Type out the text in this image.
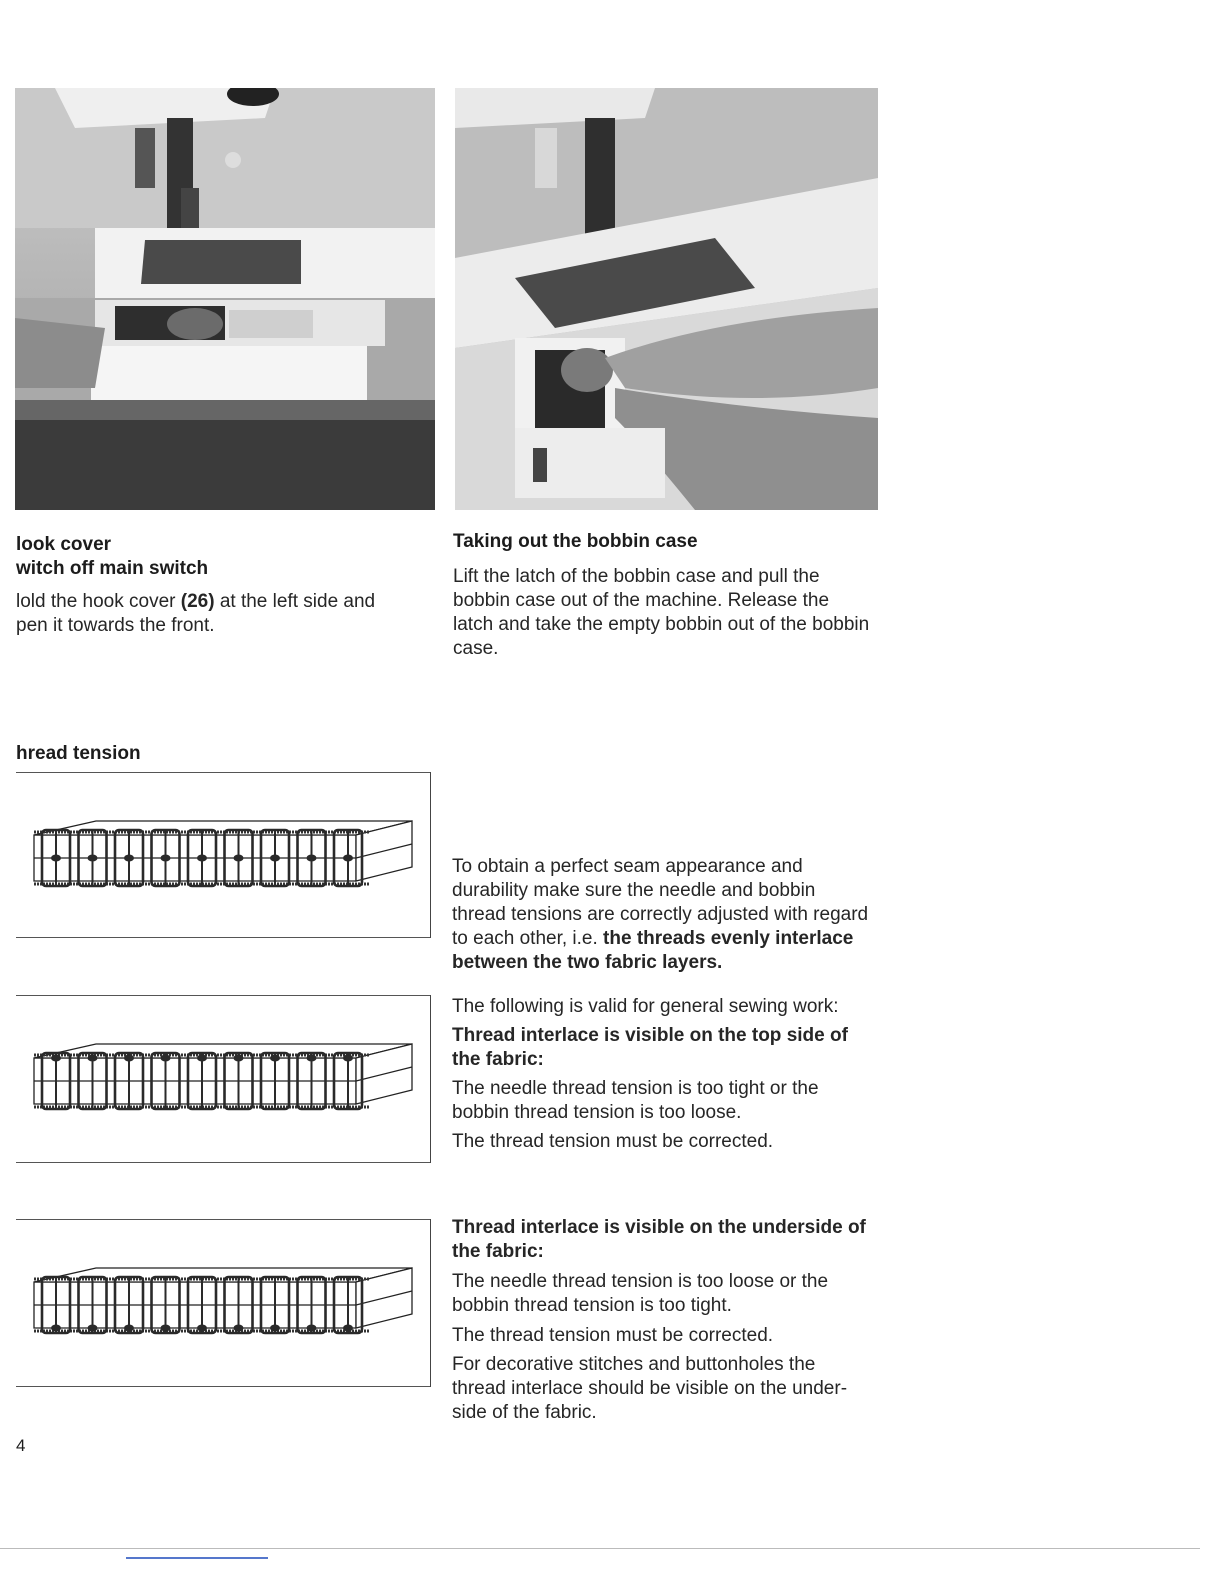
look cover
witch off main switch

lold the hook cover (26) at the left side and
pen it towards the front.

Taking out the bobbin case

Lift the latch of the bobbin case and pull the bobbin case out of the machine. Release the latch and take the empty bobbin out of the bobbin case.

hread tension

To obtain a perfect seam appearance and durability make sure the needle and bobbin thread tensions are correctly adjusted with regard to each other, i.e. the threads evenly interlace between the two fabric layers.

The following is valid for general sewing work:

Thread interlace is visible on the top side of the fabric:

The needle thread tension is too tight or the bobbin thread tension is too loose.

The thread tension must be corrected.

Thread interlace is visible on the underside of the fabric:

The needle thread tension is too loose or the bobbin thread tension is too tight.

The thread tension must be corrected.

For decorative stitches and buttonholes the thread interlace should be visible on the under-side of the fabric.

4
